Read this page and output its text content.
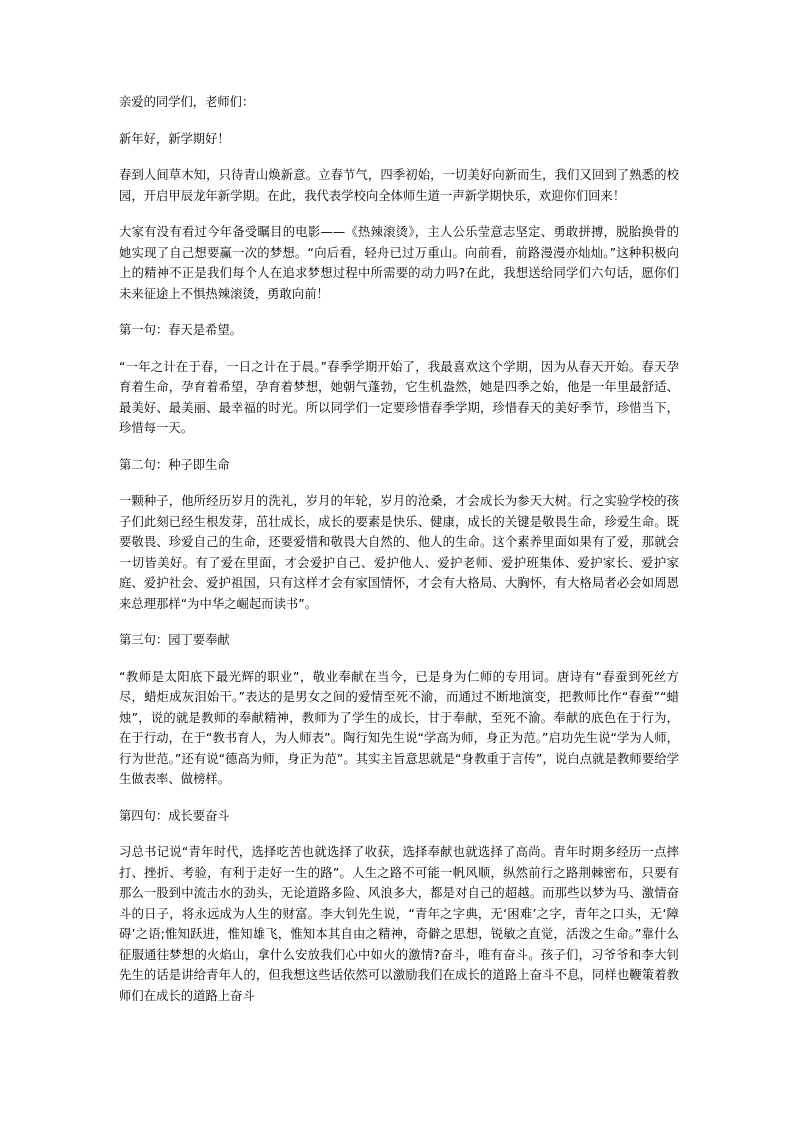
亲爱的同学们，老师们：

新年好，新学期好！

春到人间草木知，只待青山焕新意。立春节气，四季初始，一切美好向新而生，我们又回到了熟悉的校园，开启甲辰龙年新学期。在此，我代表学校向全体师生道一声新学期快乐，欢迎你们回来！

大家有没有看过今年备受瞩目的电影——《热辣滚烫》，主人公乐莹意志坚定、勇敢拼搏，脱胎换骨的她实现了自己想要赢一次的梦想。“向后看，轻舟已过万重山。向前看，前路漫漫亦灿灿。”这种积极向上的精神不正是我们每个人在追求梦想过程中所需要的动力吗?在此，我想送给同学们六句话，愿你们未来征途上不惧热辣滚烫，勇敢向前！

第一句：春天是希望。

“一年之计在于春，一日之计在于晨。”春季学期开始了，我最喜欢这个学期，因为从春天开始。春天孕育着生命，孕育着希望，孕育着梦想，她朝气蓬勃，它生机盎然，她是四季之始，他是一年里最舒适、最美好、最美丽、最幸福的时光。所以同学们一定要珍惜春季学期，珍惜春天的美好季节，珍惜当下，珍惜每一天。

第二句：种子即生命

一颗种子，他所经历岁月的洗礼，岁月的年轮，岁月的沧桑，才会成长为参天大树。行之实验学校的孩子们此刻已经生根发芽，茁壮成长，成长的要素是快乐、健康，成长的关键是敬畏生命，珍爱生命。既要敬畏、珍爱自己的生命，还要爱惜和敬畏大自然的、他人的生命。这个素养里面如果有了爱，那就会一切皆美好。有了爱在里面，才会爱护自己、爱护他人、爱护老师、爱护班集体、爱护家长、爱护家庭、爱护社会、爱护祖国，只有这样才会有家国情怀，才会有大格局、大胸怀，有大格局者必会如周恩来总理那样“为中华之崛起而读书”。

第三句：园丁要奉献

“教师是太阳底下最光辉的职业”，敬业奉献在当今，已是身为仁师的专用词。唐诗有“春蚕到死丝方尽，蜡炬成灰泪始干。”表达的是男女之间的爱情至死不渝，而通过不断地演变，把教师比作“春蚕”“蜡烛”，说的就是教师的奉献精神，教师为了学生的成长，甘于奉献，至死不渝。奉献的底色在于行为，在于行动，在于“教书育人，为人师表”。陶行知先生说“学高为师，身正为范。”启功先生说“学为人师，行为世范。”还有说“德高为师，身正为范”。其实主旨意思就是“身教重于言传”，说白点就是教师要给学生做表率、做榜样。

第四句：成长要奋斗

习总书记说“青年时代，选择吃苦也就选择了收获，选择奉献也就选择了高尚。青年时期多经历一点摔打、挫折、考验，有利于走好一生的路”。人生之路不可能一帆风顺，纵然前行之路荆棘密布，只要有那么一股到中流击水的劲头，无论道路多险、风浪多大，都是对自己的超越。而那些以梦为马、激情奋斗的日子，将永远成为人生的财富。李大钊先生说，“青年之字典，无‘困难’之字，青年之口头，无‘障碍’之语;惟知跃进，惟知雄飞，惟知本其自由之精神，奇僻之思想，锐敏之直觉，活泼之生命。”靠什么征服通往梦想的火焰山，拿什么安放我们心中如火的激情?奋斗，唯有奋斗。孩子们，习爷爷和李大钊先生的话是讲给青年人的，但我想这些话依然可以激励我们在成长的道路上奋斗不息，同样也鞭策着教师们在成长的道路上奋斗
